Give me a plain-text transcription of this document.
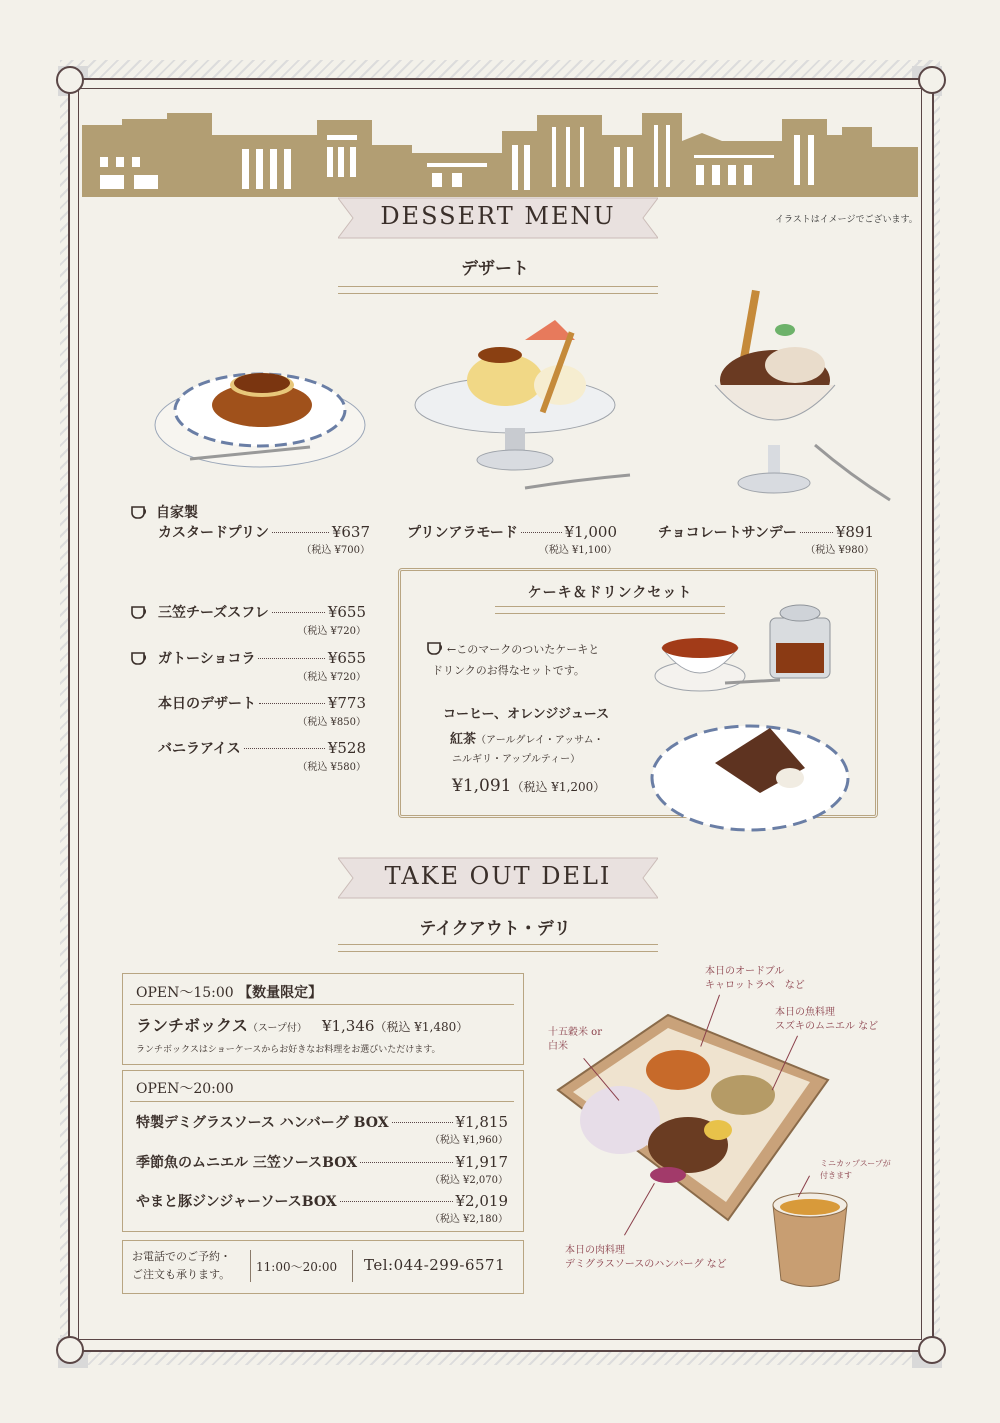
DESSERT MENU	イラストはイメージでございます。
デザート
自家製
カスタードプリン	¥637
（税込 ¥700）
プリンアラモード	¥1,000
（税込 ¥1,100）
チョコレートサンデー	¥891
（税込 ¥980）
三笠チーズスフレ	¥655
（税込 ¥720）
ガトーショコラ	¥655
（税込 ¥720）
本日のデザート	¥773
（税込 ¥850）
バニラアイス	¥528
（税込 ¥580）
ケーキ＆ドリンクセット
←このマークのついたケーキと
ドリンクのお得なセットです。
コーヒー、オレンジジュース
紅茶（アールグレイ・アッサム・
ニルギリ・アップルティー）
¥1,091（税込 ¥1,200）
TAKE OUT DELI
テイクアウト・デリ
OPEN〜15:00 【数量限定】
ランチボックス（スープ付） ¥1,346（税込 ¥1,480）
ランチボックスはショーケースからお好きなお料理をお選びいただけます。
OPEN〜20:00
特製デミグラスソース ハンバーグ BOX	¥1,815
（税込 ¥1,960）
季節魚のムニエル 三笠ソースBOX	¥1,917
（税込 ¥2,070）
やまと豚ジンジャーソースBOX	¥2,019
（税込 ¥2,180）
お電話でのご予約・
ご注文も承ります。
11:00〜20:00 Tel:044-299-6571
十五穀米 or
白米
本日のオードブル
キャロットラペ　など
本日の魚料理
スズキのムニエル など
ミニカップスープが
付きます
本日の肉料理
デミグラスソースのハンバーグ など
